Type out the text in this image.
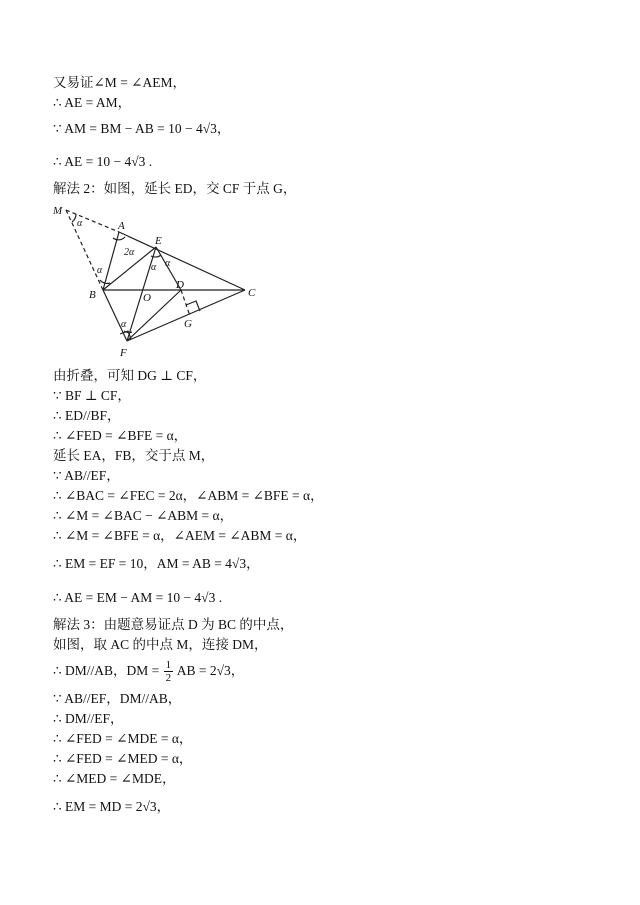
又易证∠M = ∠AEM，
∴ AE = AM，
∵ AM = BM − AB = 10 − 4√3，
∴ AE = 10 − 4√3 .
解法 2：如图，延长 ED，交 CF 于点 G，
M
A
E
B	O
D
C
G
F
α
2α
α α
α
α
由折叠，可知 DG ⊥ CF，
∵ BF ⊥ CF，
∴ ED//BF，
∴ ∠FED = ∠BFE = α，
延长 EA，FB，交于点 M，
∵ AB//EF，
∴ ∠BAC = ∠FEC = 2α，∠ABM = ∠BFE = α，
∴ ∠M = ∠BAC − ∠ABM = α，
∴ ∠M = ∠BFE = α，∠AEM = ∠ABM = α，
∴ EM = EF = 10，AM = AB = 4√3，
∴ AE = EM − AM = 10 − 4√3 .
解法 3：由题意易证点 D 为 BC 的中点，
如图，取 AC 的中点 M，连接 DM，
∴ DM//AB，DM = $\frac{1}{2}$ AB = 2√3，
∵ AB//EF，DM//AB，
∴ DM//EF，
∴ ∠FED = ∠MDE = α，
∴ ∠FED = ∠MED = α，
∴ ∠MED = ∠MDE，
∴ EM = MD = 2√3，
